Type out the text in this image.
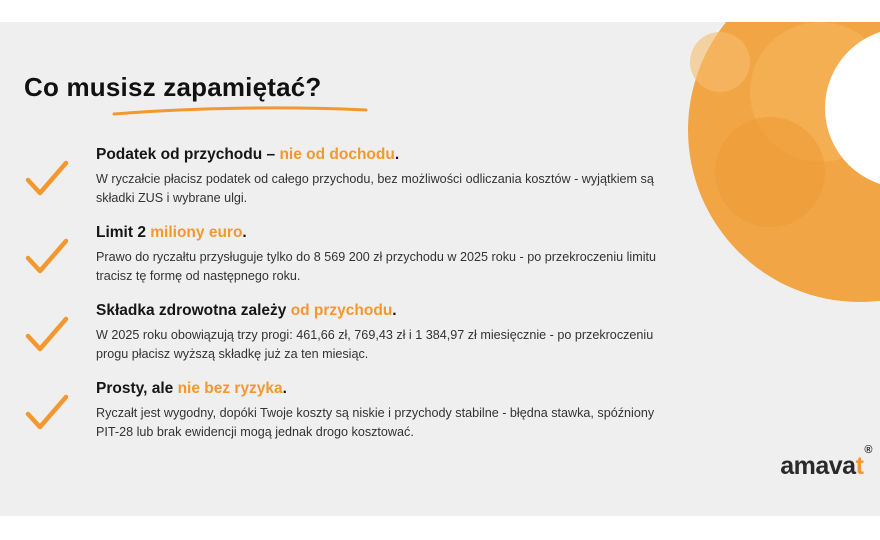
Co musisz zapamiętać?

Podatek od przychodu – nie od dochodu.

W ryczałcie płacisz podatek od całego przychodu, bez możliwości odliczania kosztów - wyjątkiem są składki ZUS i wybrane ulgi.

Limit 2 miliony euro.

Prawo do ryczałtu przysługuje tylko do 8 569 200 zł przychodu w 2025 roku - po przekroczeniu limitu tracisz tę formę od następnego roku.

Składka zdrowotna zależy od przychodu.

W 2025 roku obowiązują trzy progi: 461,66 zł, 769,43 zł i 1 384,97 zł miesięcznie - po przekroczeniu progu płacisz wyższą składkę już za ten miesiąc.

Prosty, ale nie bez ryzyka.

Ryczałt jest wygodny, dopóki Twoje koszty są niskie i przychody stabilne - błędna stawka, spóźniony PIT-28 lub brak ewidencji mogą jednak drogo kosztować.

amavat®
